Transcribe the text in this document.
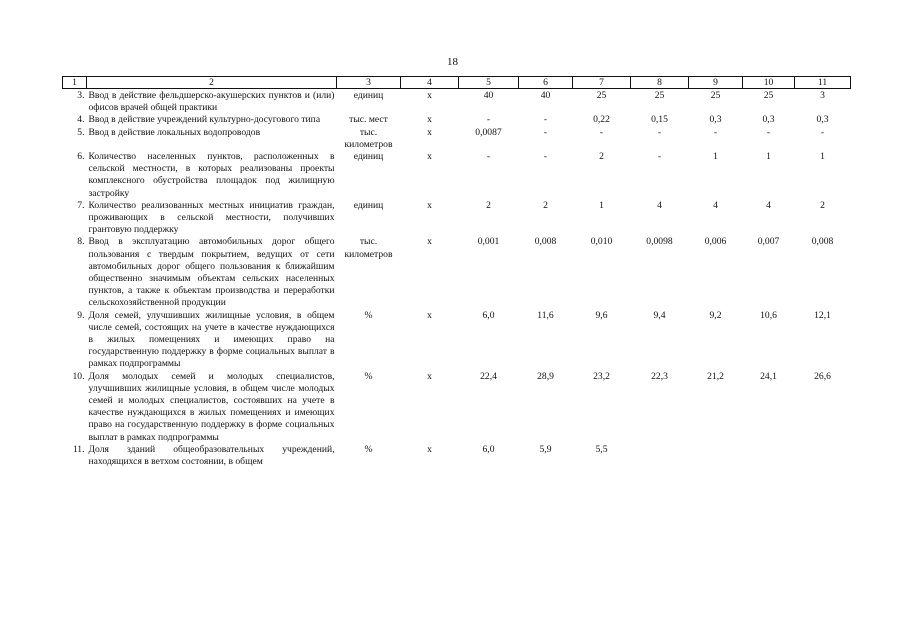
18
1	2	3	4	5	6	7	8	9	10	11
3.	Ввод в действие фельдшерско-акушерских пунктов и (или) офисов врачей общей практики	единиц	х	40	40	25	25	25	25	3
4.	Ввод в действие учреждений культурно-досугового типа	тыс. мест	х	-	-	0,22	0,15	0,3	0,3	0,3
5.	Ввод в действие локальных водопроводов	тыс. километров	х	0,0087	-	-	-	-	-	-
6.	Количество населенных пунктов, расположенных в сельской местности, в которых реализованы проекты комплексного обустройства площадок под жилищную застройку	единиц	х	-	-	2	-	1	1	1
7.	Количество реализованных местных инициатив граждан, проживающих в сельской местности, получивших грантовую поддержку	единиц	х	2	2	1	4	4	4	2
8.	Ввод в эксплуатацию автомобильных дорог общего пользования с твердым покрытием, ведущих от сети автомобильных дорог общего пользования к ближайшим общественно значимым объектам сельских населенных пунктов, а также к объектам производства и переработки сельскохозяйственной продукции	тыс. километров	х	0,001	0,008	0,010	0,0098	0,006	0,007	0,008
9.	Доля семей, улучшивших жилищные условия, в общем числе семей, состоящих на учете в качестве нуждающихся в жилых помещениях и имеющих право на государственную поддержку в форме социальных выплат в рамках подпрограммы	%	х	6,0	11,6	9,6	9,4	9,2	10,6	12,1
10.	Доля молодых семей и молодых специалистов, улучшивших жилищные условия, в общем числе молодых семей и молодых специалистов, состоявших на учете в качестве нуждающихся в жилых помещениях и имеющих право на государственную поддержку в форме социальных выплат в рамках подпрограммы	%	х	22,4	28,9	23,2	22,3	21,2	24,1	26,6
11.	Доля зданий общеобразовательных учреждений, находящихся в ветхом состоянии, в общем	%	х	6,0	5,9	5,5				
